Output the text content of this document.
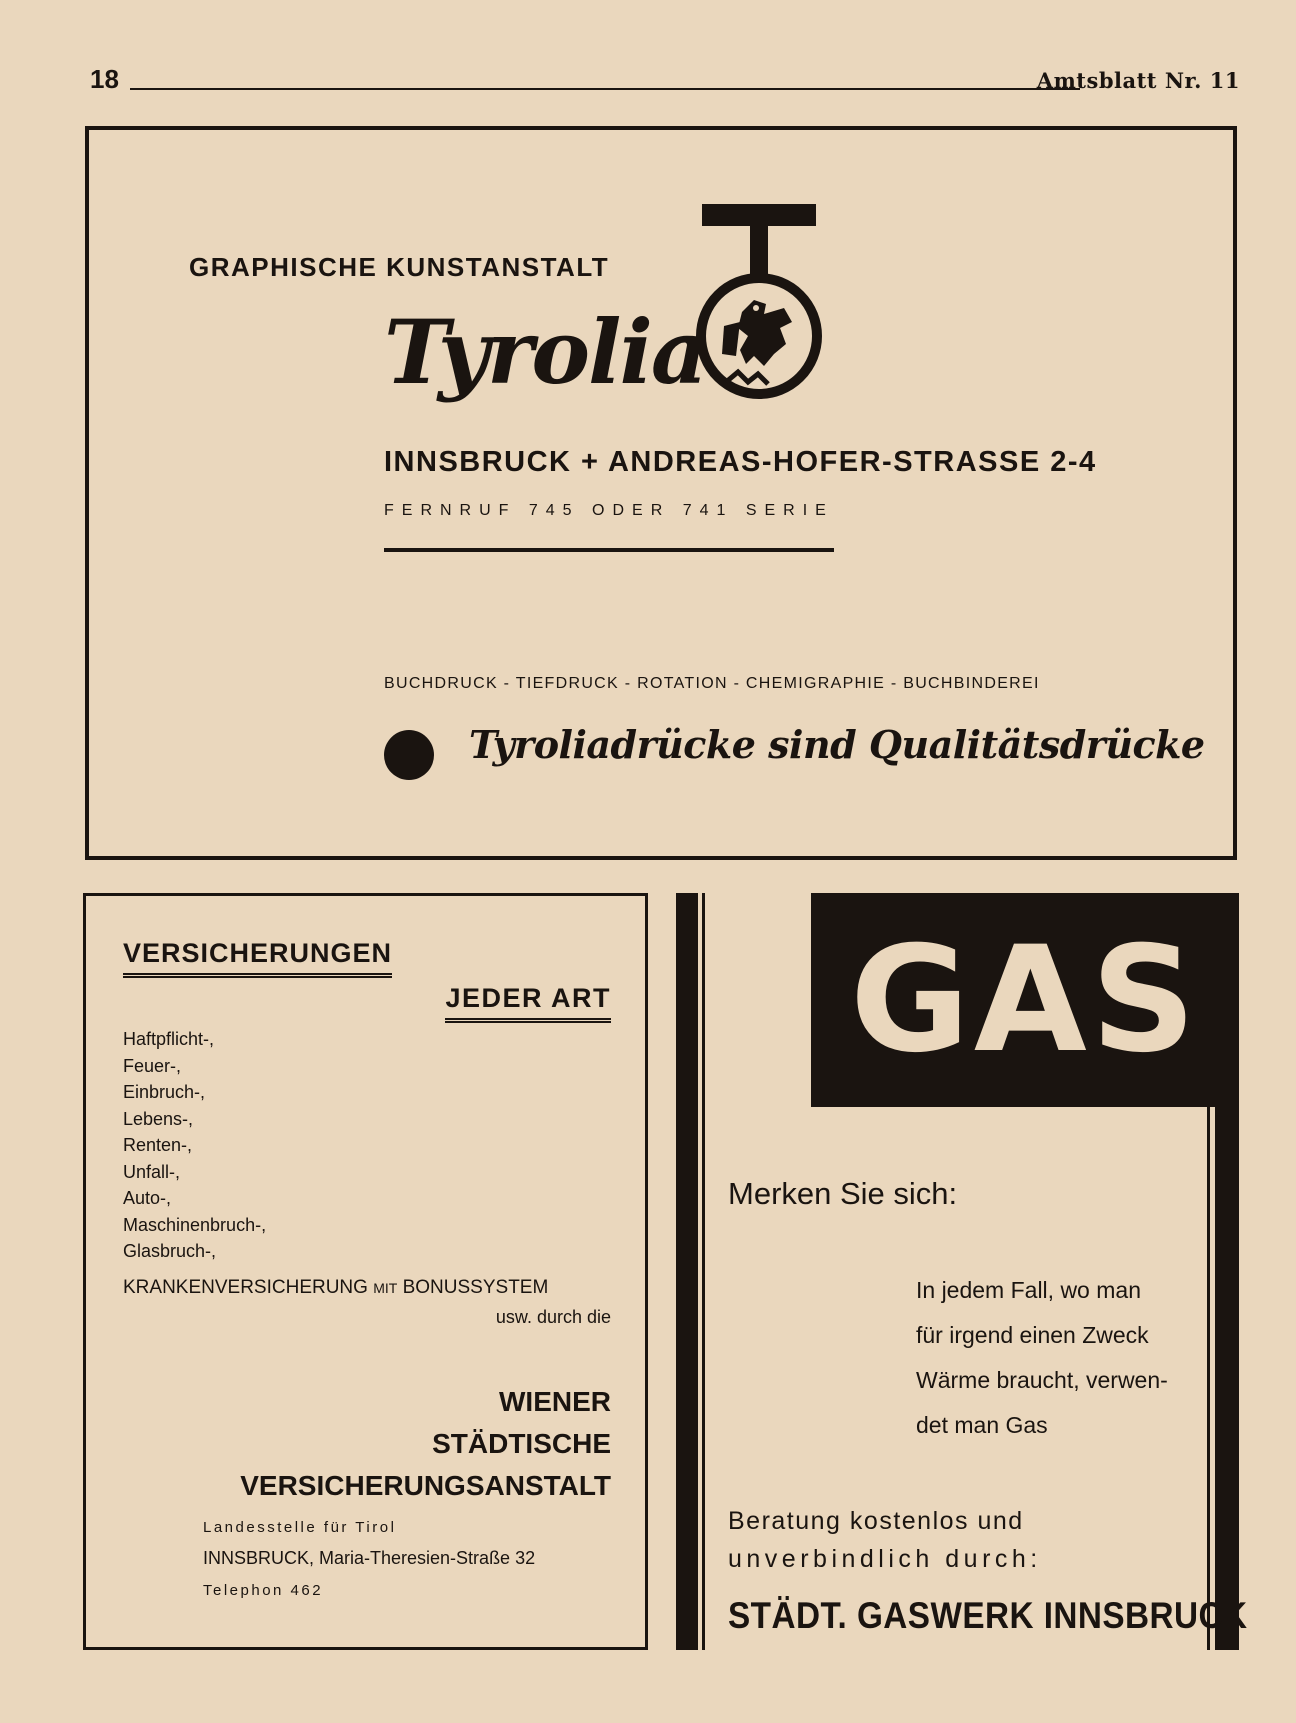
18	Amtsblatt Nr. 11
GRAPHISCHE KUNSTANSTALT
Tyrolia
INNSBRUCK + ANDREAS-HOFER-STRASSE 2-4
FERNRUF 745 ODER 741 SERIE
BUCHDRUCK - TIEFDRUCK - ROTATION - CHEMIGRAPHIE - BUCHBINDEREI
Tyroliadrücke sind Qualitätsdrücke
VERSICHERUNGEN
JEDER ART
Haftpflicht-,
Feuer-,
Einbruch-,
Lebens-,
Renten-,
Unfall-,
Auto-,
Maschinenbruch-,
Glasbruch-,
KRANKENVERSICHERUNG MIT BONUSSYSTEM
usw. durch die
WIENER
STÄDTISCHE
VERSICHERUNGSANSTALT
Landesstelle für Tirol
INNSBRUCK, Maria-Theresien-Straße 32
Telephon 462
GAS
Merken Sie sich:
In jedem Fall, wo man
für irgend einen Zweck
Wärme braucht, verwen-
det man Gas
Beratung kostenlos und
unverbindlich durch:
STÄDT. GASWERK INNSBRUCK
